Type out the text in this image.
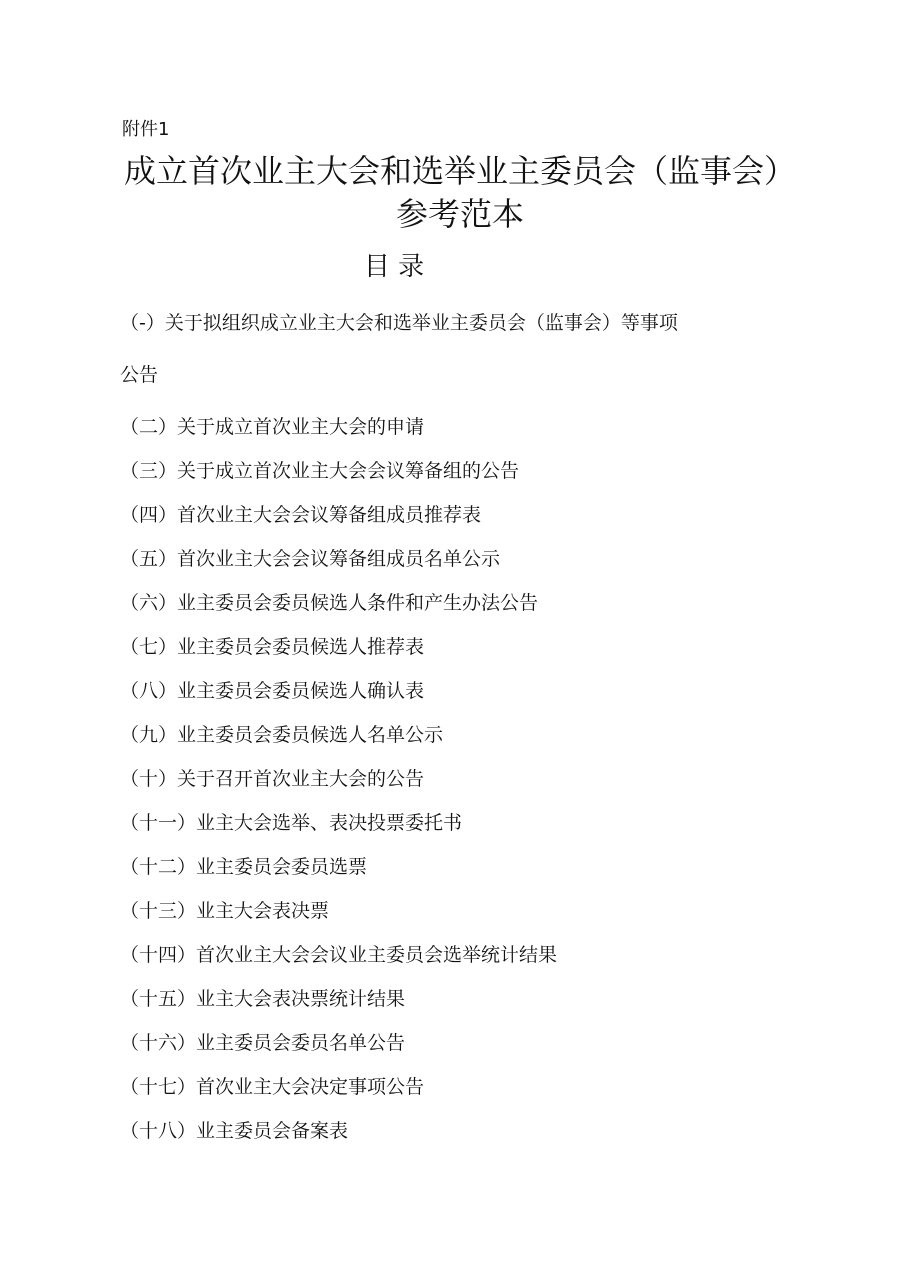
附件1
成立首次业主大会和选举业主委员会（监事会）
参考范本
目 录
（-）关于拟组织成立业主大会和选举业主委员会（监事会）等事项
公告
（二）关于成立首次业主大会的申请
（三）关于成立首次业主大会会议筹备组的公告
（四）首次业主大会会议筹备组成员推荐表
（五）首次业主大会会议筹备组成员名单公示
（六）业主委员会委员候选人条件和产生办法公告
（七）业主委员会委员候选人推荐表
（八）业主委员会委员候选人确认表
（九）业主委员会委员候选人名单公示
（十）关于召开首次业主大会的公告
（十一）业主大会选举、表决投票委托书
（十二）业主委员会委员选票
（十三）业主大会表决票
（十四）首次业主大会会议业主委员会选举统计结果
（十五）业主大会表决票统计结果
（十六）业主委员会委员名单公告
（十七）首次业主大会决定事项公告
（十八）业主委员会备案表
